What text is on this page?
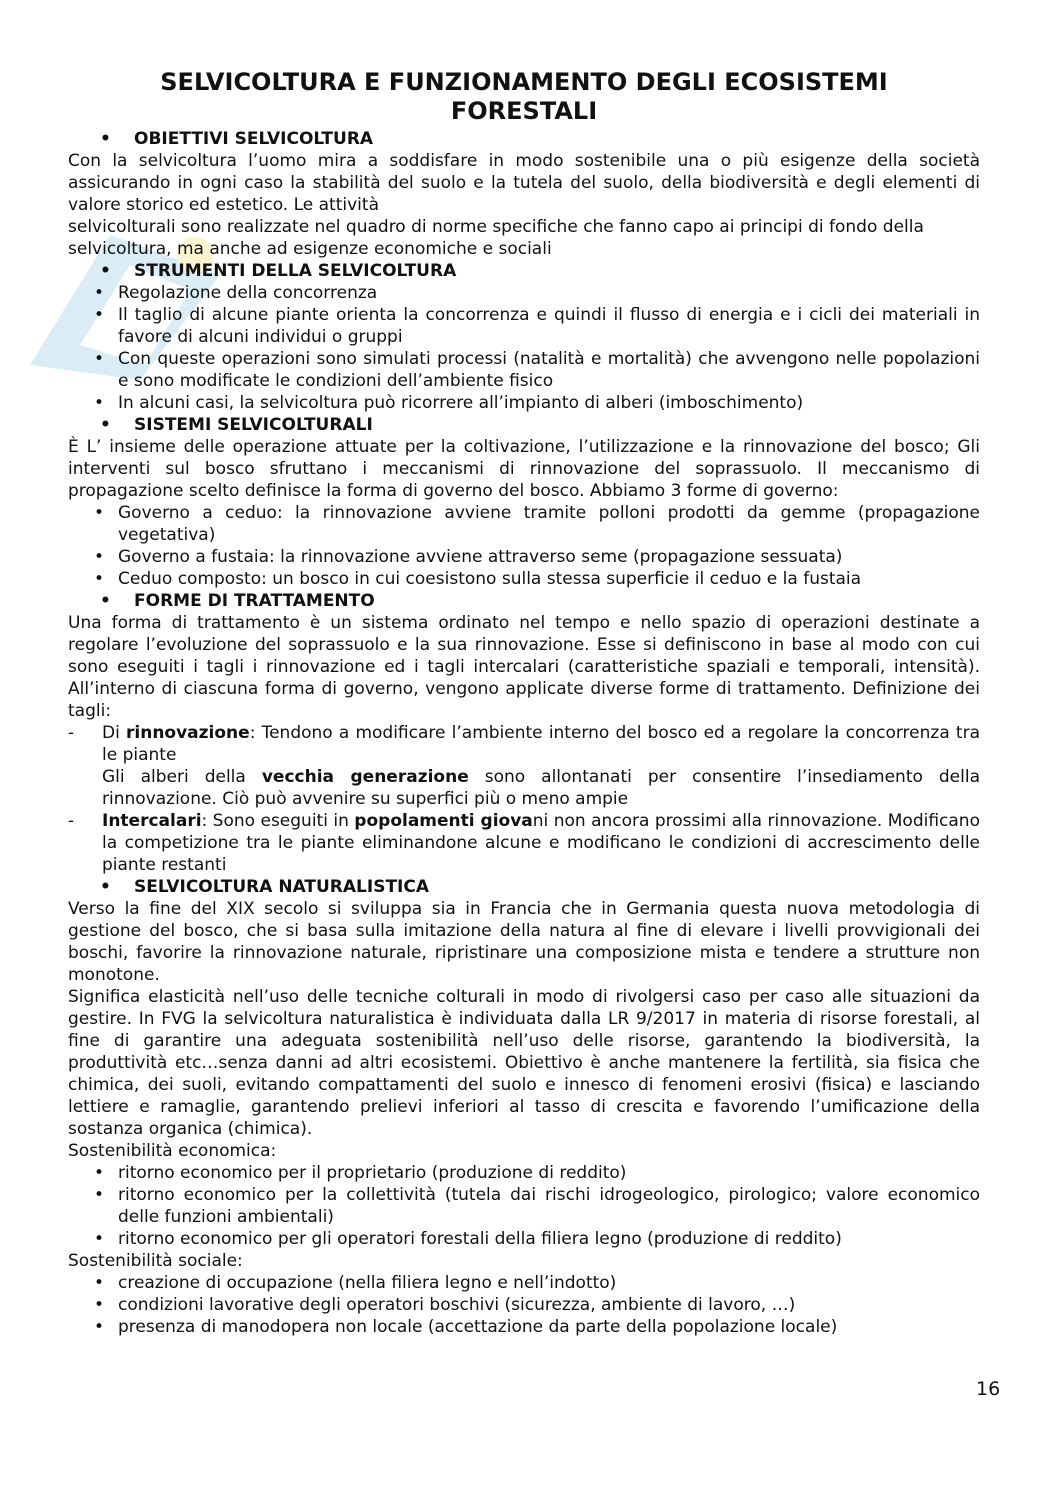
SELVICOLTURA E FUNZIONAMENTO DEGLI ECOSISTEMI
FORESTALI
• OBIETTIVI SELVICOLTURA

Con la selvicoltura l’uomo mira a soddisfare in modo sostenibile una o più esigenze della società assicurando in ogni caso la stabilità del suolo e la tutela del suolo, della biodiversità e degli elementi di valore storico ed estetico. Le attività

selvicolturali sono realizzate nel quadro di norme specifiche che fanno capo ai principi di fondo della selvicoltura, ma anche ad esigenze economiche e sociali

• STRUMENTI DELLA SELVICOLTURA
• Regolazione della concorrenza
• Il taglio di alcune piante orienta la concorrenza e quindi il flusso di energia e i cicli dei materiali in favore di alcuni individui o gruppi
• Con queste operazioni sono simulati processi (natalità e mortalità) che avvengono nelle popolazioni e sono modificate le condizioni dell’ambiente fisico
• In alcuni casi, la selvicoltura può ricorrere all’impianto di alberi (imboschimento)
• SISTEMI SELVICOLTURALI

È L’ insieme delle operazione attuate per la coltivazione, l’utilizzazione e la rinnovazione del bosco; Gli interventi sul bosco sfruttano i meccanismi di rinnovazione del soprassuolo. Il meccanismo di propagazione scelto definisce la forma di governo del bosco. Abbiamo 3 forme di governo:

• Governo a ceduo: la rinnovazione avviene tramite polloni prodotti da gemme (propagazione vegetativa)
• Governo a fustaia: la rinnovazione avviene attraverso seme (propagazione sessuata)
• Ceduo composto: un bosco in cui coesistono sulla stessa superficie il ceduo e la fustaia
• FORME DI TRATTAMENTO

Una forma di trattamento è un sistema ordinato nel tempo e nello spazio di operazioni destinate a regolare l’evoluzione del soprassuolo e la sua rinnovazione. Esse si definiscono in base al modo con cui sono eseguiti i tagli i rinnovazione ed i tagli intercalari (caratteristiche spaziali e temporali, intensità). All’interno di ciascuna forma di governo, vengono applicate diverse forme di trattamento. Definizione dei tagli:

- Di rinnovazione: Tendono a modificare l’ambiente interno del bosco ed a regolare la concorrenza tra le piante
Gli alberi della vecchia generazione sono allontanati per consentire l’insediamento della rinnovazione. Ciò può avvenire su superfici più o meno ampie
- Intercalari: Sono eseguiti in popolamenti giovani non ancora prossimi alla rinnovazione. Modificano la competizione tra le piante eliminandone alcune e modificano le condizioni di accrescimento delle piante restanti
• SELVICOLTURA NATURALISTICA

Verso la fine del XIX secolo si sviluppa sia in Francia che in Germania questa nuova metodologia di gestione del bosco, che si basa sulla imitazione della natura al fine di elevare i livelli provvigionali dei boschi, favorire la rinnovazione naturale, ripristinare una composizione mista e tendere a strutture non monotone.

Significa elasticità nell’uso delle tecniche colturali in modo di rivolgersi caso per caso alle situazioni da gestire. In FVG la selvicoltura naturalistica è individuata dalla LR 9/2017 in materia di risorse forestali, al fine di garantire una adeguata sostenibilità nell’uso delle risorse, garantendo la biodiversità, la produttività etc…senza danni ad altri ecosistemi. Obiettivo è anche mantenere la fertilità, sia fisica che chimica, dei suoli, evitando compattamenti del suolo e innesco di fenomeni erosivi (fisica) e lasciando lettiere e ramaglie, garantendo prelievi inferiori al tasso di crescita e favorendo l’umificazione della sostanza organica (chimica).

Sostenibilità economica:

• ritorno economico per il proprietario (produzione di reddito)
• ritorno economico per la collettività (tutela dai rischi idrogeologico, pirologico; valore economico delle funzioni ambientali)
• ritorno economico per gli operatori forestali della filiera legno (produzione di reddito)

Sostenibilità sociale:

• creazione di occupazione (nella filiera legno e nell’indotto)
• condizioni lavorative degli operatori boschivi (sicurezza, ambiente di lavoro, …)
• presenza di manodopera non locale (accettazione da parte della popolazione locale)
16
